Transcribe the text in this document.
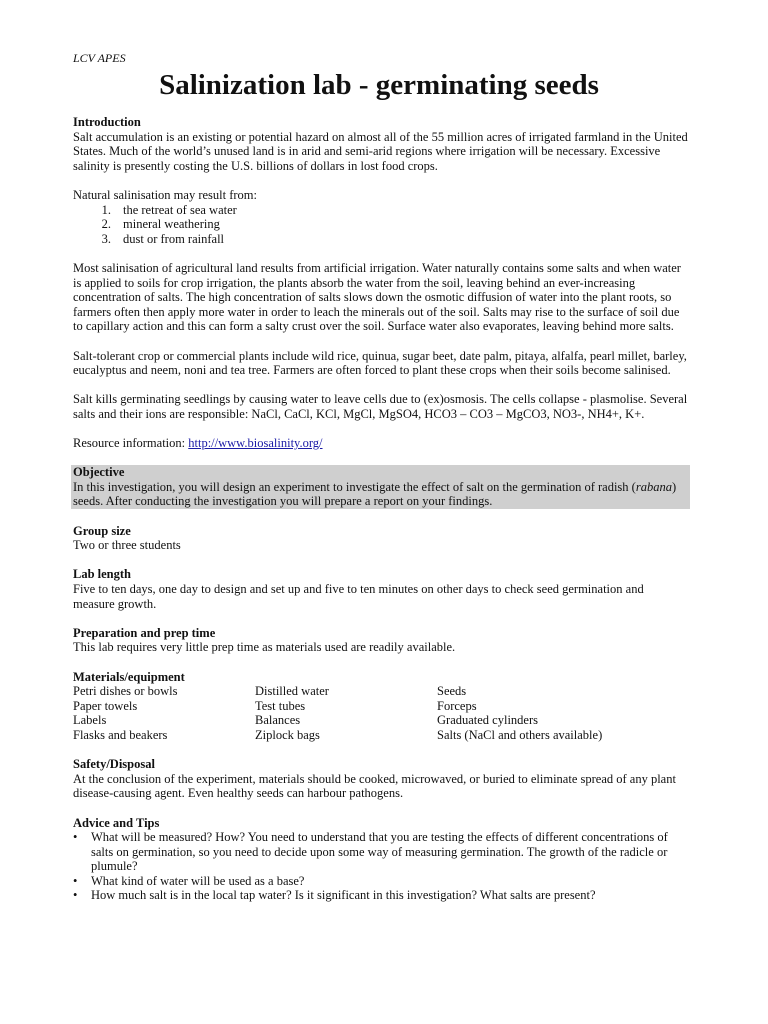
LCV APES
Salinization lab - germinating seeds
Introduction

Salt accumulation is an existing or potential hazard on almost all of the 55 million acres of irrigated farmland in the United States. Much of the world’s unused land is in arid and semi-arid regions where irrigation will be necessary. Excessive salinity is presently costing the U.S. billions of dollars in lost food crops.

Natural salinisation may result from:

1. the retreat of sea water
2. mineral weathering
3. dust or from rainfall

Most salinisation of agricultural land results from artificial irrigation. Water naturally contains some salts and when water is applied to soils for crop irrigation, the plants absorb the water from the soil, leaving behind an ever-increasing concentration of salts. The high concentration of salts slows down the osmotic diffusion of water into the plant roots, so farmers often then apply more water in order to leach the minerals out of the soil. Salts may rise to the surface of soil due to capillary action and this can form a salty crust over the soil. Surface water also evaporates, leaving behind more salts.

Salt-tolerant crop or commercial plants include wild rice, quinua, sugar beet, date palm, pitaya, alfalfa, pearl millet, barley, eucalyptus and neem, noni and tea tree. Farmers are often forced to plant these crops when their soils become salinised.

Salt kills germinating seedlings by causing water to leave cells due to (ex)osmosis. The cells collapse - plasmolise. Several salts and their ions are responsible: NaCl, CaCl, KCl, MgCl, MgSO4, HCO3 – CO3 – MgCO3, NO3-, NH4+, K+.

Resource information: http://www.biosalinity.org/

Objective

In this investigation, you will design an experiment to investigate the effect of salt on the germination of radish (rabana) seeds. After conducting the investigation you will prepare a report on your findings.

Group size

Two or three students

Lab length

Five to ten days, one day to design and set up and five to ten minutes on other days to check seed germination and measure growth.

Preparation and prep time

This lab requires very little prep time as materials used are readily available.

Materials/equipment
Petri dishes or bowls	Distilled water	Seeds
Paper towels	Test tubes	Forceps
Labels	Balances	Graduated cylinders
Flasks and beakers	Ziplock bags	Salts (NaCl and others available)
Safety/Disposal

At the conclusion of the experiment, materials should be cooked, microwaved, or buried to eliminate spread of any plant disease-causing agent. Even healthy seeds can harbour pathogens.

Advice and Tips
• What will be measured? How? You need to understand that you are testing the effects of different concentrations of salts on germination, so you need to decide upon some way of measuring germination. The growth of the radicle or plumule?
• What kind of water will be used as a base?
• How much salt is in the local tap water? Is it significant in this investigation? What salts are present?
